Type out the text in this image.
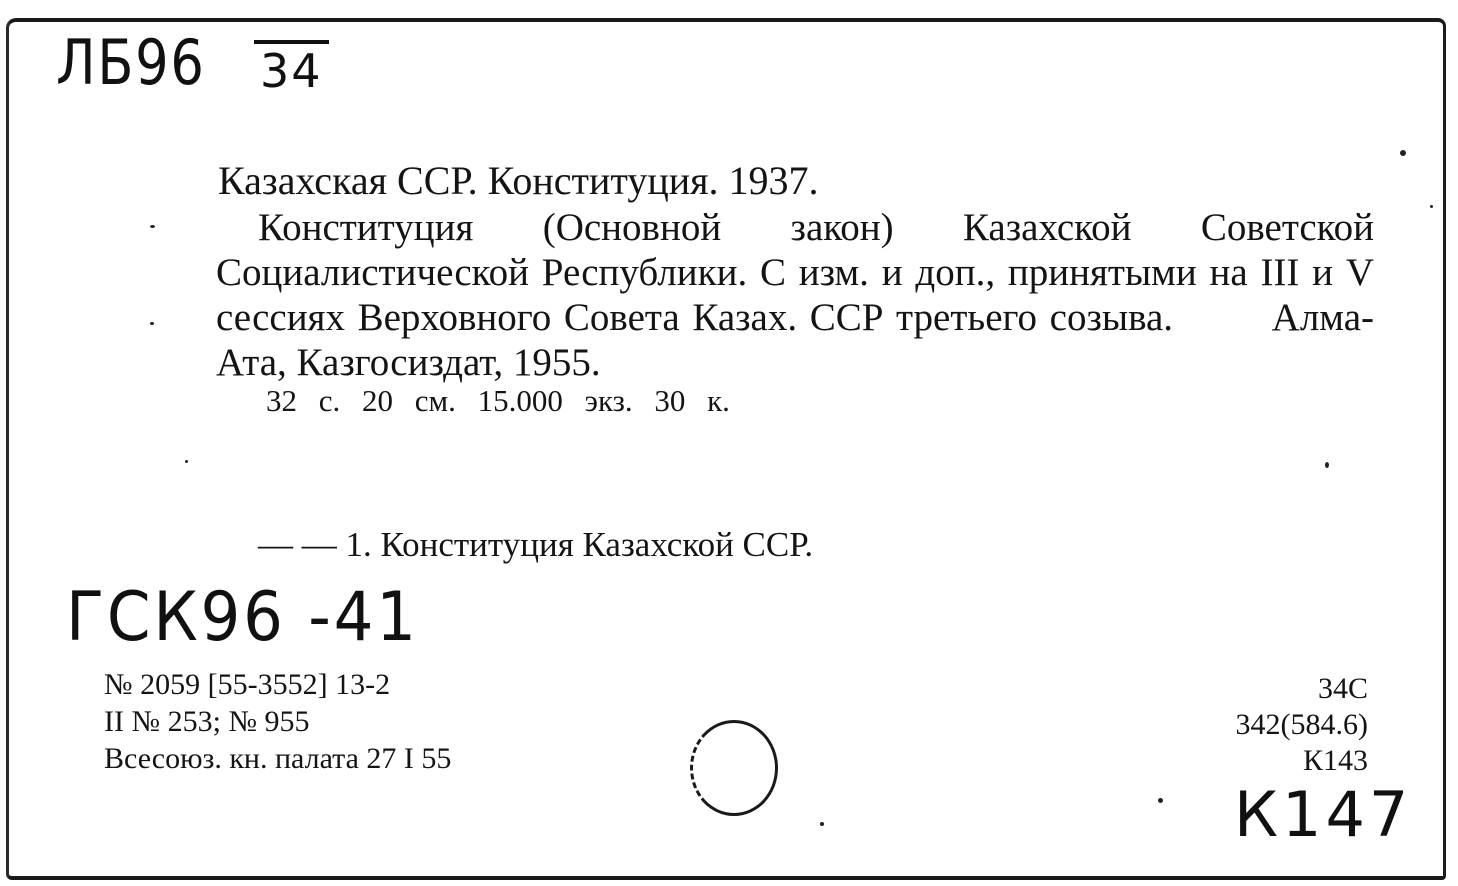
ЛБ96 34
Казахская ССР. Конституция. 1937.
Конституция (Основной закон) Казахской Советской Социалистической Республики. С изм. и доп., принятыми на III и V сессиях Верховного Совета Казах. ССР третьего созыва.	Алма-Ата, Казгосиздат, 1955.
32 с. 20 см. 15.000 экз. 30 к.
— — 1. Конституция Казахской ССР.
ГСК96 -41
№ 2059 [55-3552] 13-2
II № 253; № 955
Всесоюз. кн. палата 27 I 55
34С
342(584.6)
К143
К147
